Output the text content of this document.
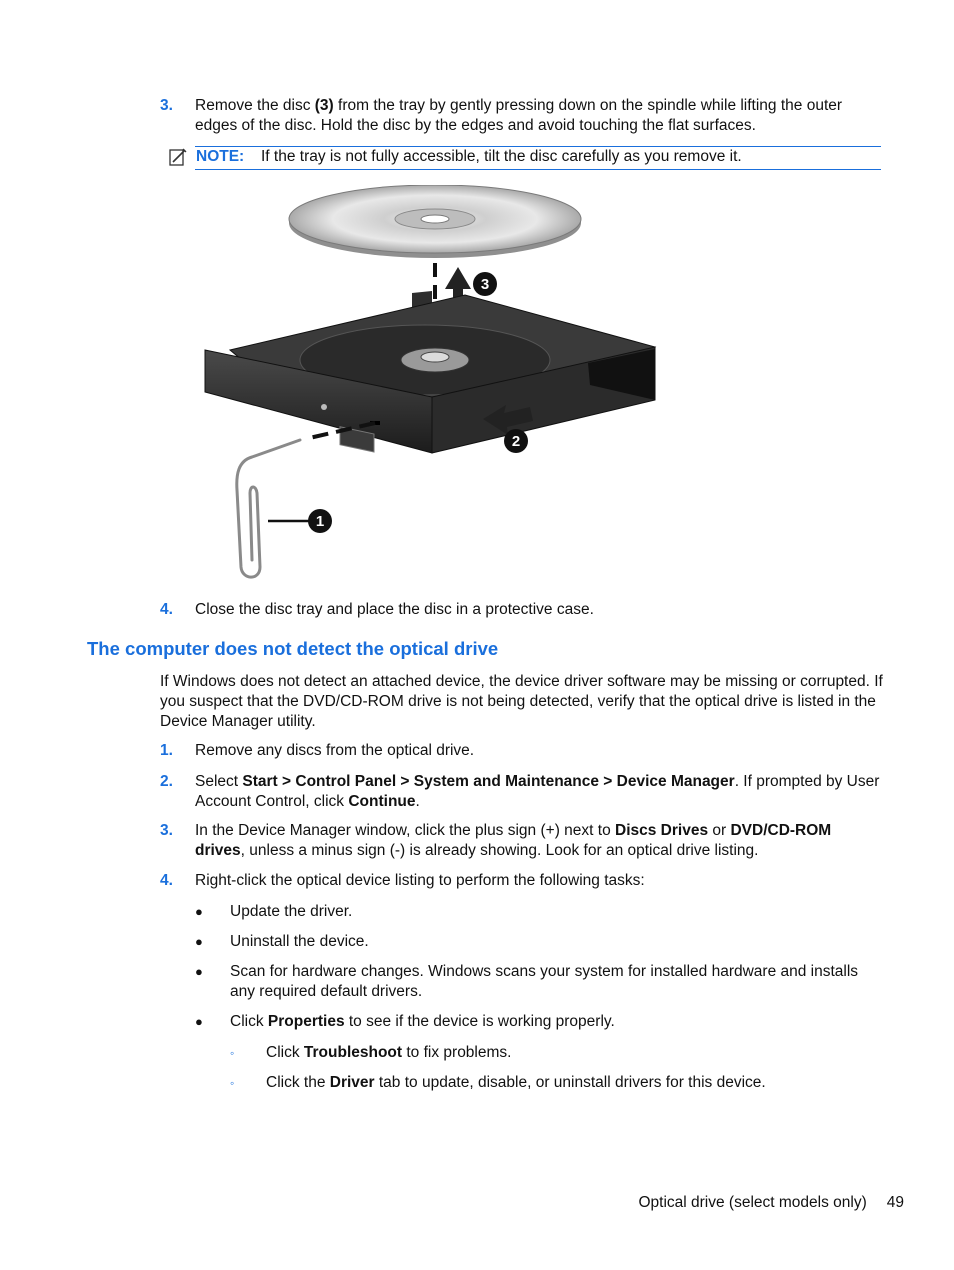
3. Remove the disc (3) from the tray by gently pressing down on the spindle while lifting the outer edges of the disc. Hold the disc by the edges and avoid touching the flat surfaces.
NOTE: If the tray is not fully accessible, tilt the disc carefully as you remove it.
3
2
1
4. Close the disc tray and place the disc in a protective case.
The computer does not detect the optical drive
If Windows does not detect an attached device, the device driver software may be missing or corrupted. If you suspect that the DVD/CD-ROM drive is not being detected, verify that the optical drive is listed in the Device Manager utility.
1. Remove any discs from the optical drive.
2. Select Start > Control Panel > System and Maintenance > Device Manager. If prompted by User Account Control, click Continue.
3. In the Device Manager window, click the plus sign (+) next to Discs Drives or DVD/CD-ROM drives, unless a minus sign (-) is already showing. Look for an optical drive listing.
4. Right-click the optical device listing to perform the following tasks:
● Update the driver.
● Uninstall the device.
● Scan for hardware changes. Windows scans your system for installed hardware and installs any required default drivers.
● Click Properties to see if the device is working properly.
◦ Click Troubleshoot to fix problems.
◦ Click the Driver tab to update, disable, or uninstall drivers for this device.
Optical drive (select models only) 49
